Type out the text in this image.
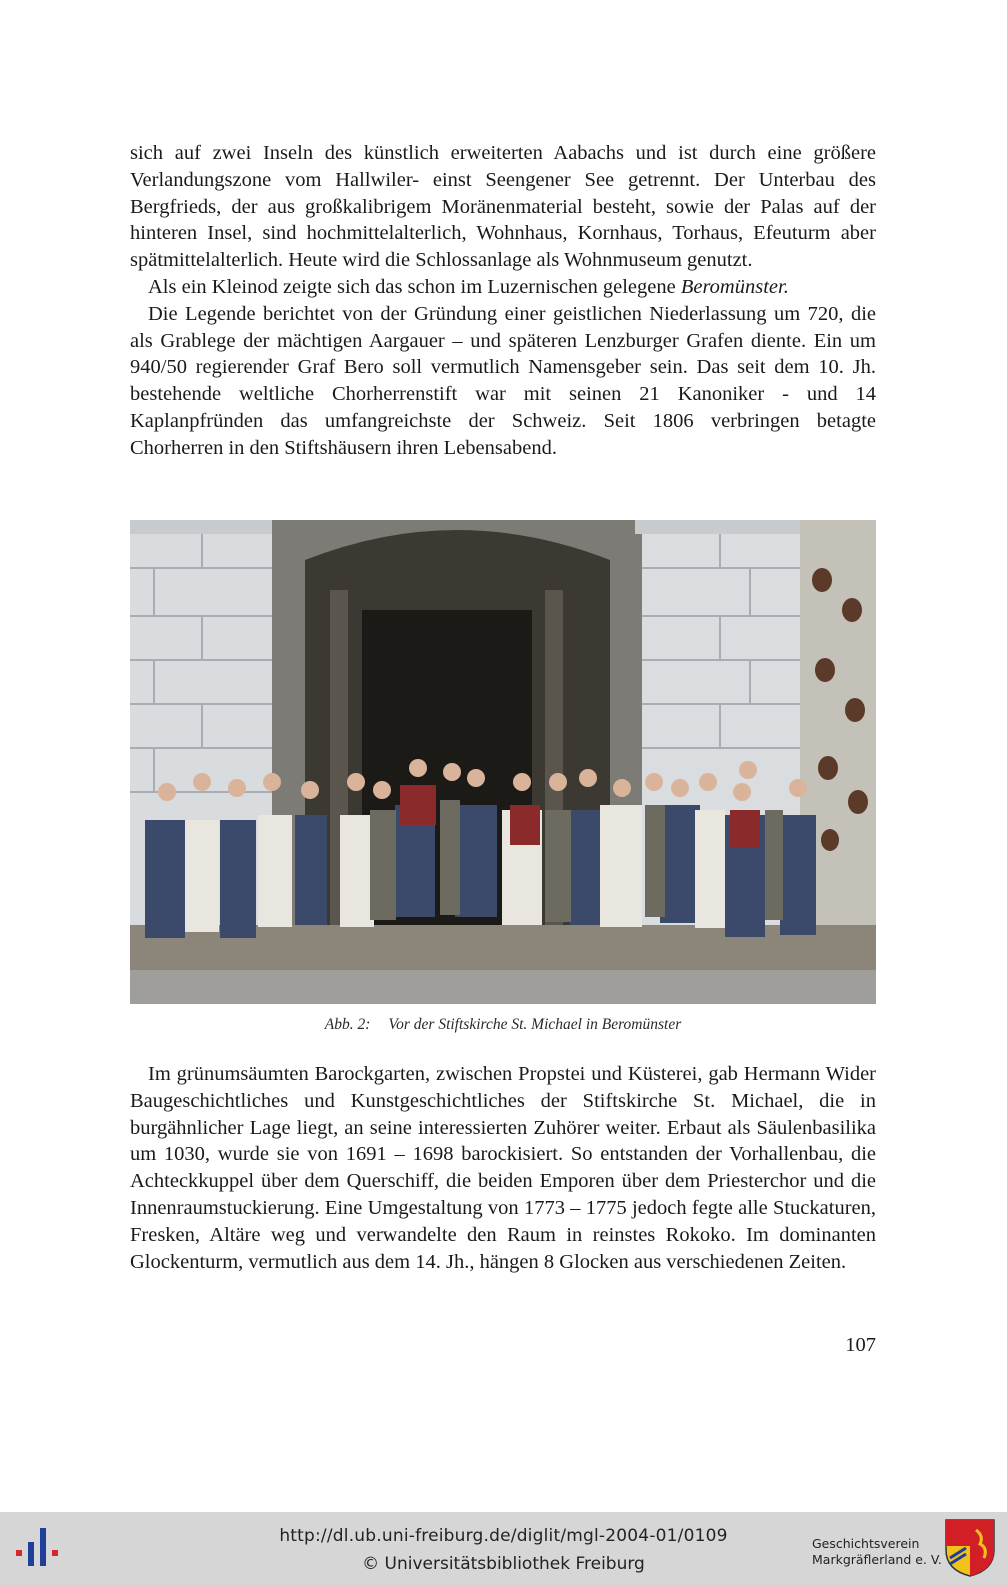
sich auf zwei Inseln des künstlich erweiterten Aabachs und ist durch eine größere Verlandungszone vom Hallwiler- einst Seengener See getrennt. Der Unterbau des Bergfrieds, der aus großkalibrigem Moränenmaterial besteht, sowie der Palas auf der hinteren Insel, sind hochmittelalterlich, Wohnhaus, Kornhaus, Torhaus, Efeuturm aber spätmittelalterlich. Heute wird die Schlossanlage als Wohnmuseum genutzt.

Als ein Kleinod zeigte sich das schon im Luzernischen gelegene Beromünster.

Die Legende berichtet von der Gründung einer geistlichen Niederlassung um 720, die als Grablege der mächtigen Aargauer – und späteren Lenzburger Grafen diente. Ein um 940/50 regierender Graf Bero soll vermutlich Namensgeber sein. Das seit dem 10. Jh. bestehende weltliche Chorherrenstift war mit seinen 21 Kanoniker - und 14 Kaplanpfründen das umfangreichste der Schweiz. Seit 1806 verbringen betagte Chorherren in den Stiftshäusern ihren Lebensabend.

Abb. 2: Vor der Stiftskirche St. Michael in Beromünster

Im grünumsäumten Barockgarten, zwischen Propstei und Küsterei, gab Hermann Wider Baugeschichtliches und Kunstgeschichtliches der Stiftskirche St. Michael, die in burgähnlicher Lage liegt, an seine interessierten Zuhörer weiter. Erbaut als Säulenbasilika um 1030, wurde sie von 1691 – 1698 barockisiert. So entstanden der Vorhallenbau, die Achteckkuppel über dem Querschiff, die beiden Emporen über dem Priesterchor und die Innenraumstuckierung. Eine Umgestaltung von 1773 – 1775 jedoch fegte alle Stuckaturen, Fresken, Altäre weg und verwandelte den Raum in reinstes Rokoko. Im dominanten Glockenturm, vermutlich aus dem 14. Jh., hängen 8 Glocken aus verschiedenen Zeiten.

107
http://dl.ub.uni-freiburg.de/diglit/mgl-2004-01/0109
© Universitätsbibliothek Freiburg
Geschichtsverein
Markgräflerland e. V.
